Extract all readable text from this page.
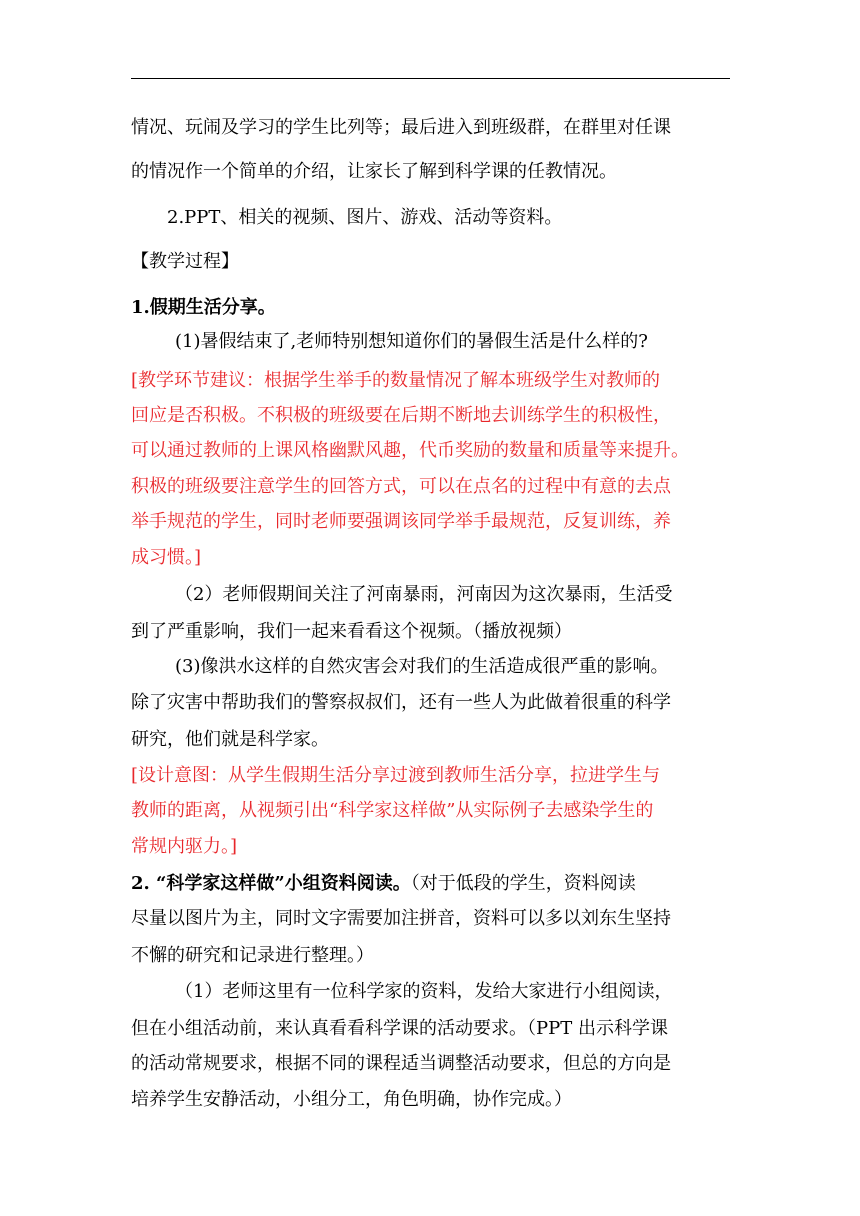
情况、玩闹及学习的学生比列等；最后进入到班级群，在群里对任课
的情况作一个简单的介绍，让家长了解到科学课的任教情况。
2.PPT、相关的视频、图片、游戏、活动等资料。
【教学过程】
1.假期生活分享。
(1)暑假结束了,老师特别想知道你们的暑假生活是什么样的?
[教学环节建议：根据学生举手的数量情况了解本班级学生对教师的
回应是否积极。不积极的班级要在后期不断地去训练学生的积极性，
可以通过教师的上课风格幽默风趣，代币奖励的数量和质量等来提升。
积极的班级要注意学生的回答方式，可以在点名的过程中有意的去点
举手规范的学生，同时老师要强调该同学举手最规范，反复训练，养
成习惯。]
（2）老师假期间关注了河南暴雨，河南因为这次暴雨，生活受
到了严重影响，我们一起来看看这个视频。（播放视频）
(3)像洪水这样的自然灾害会对我们的生活造成很严重的影响。
除了灾害中帮助我们的警察叔叔们，还有一些人为此做着很重的科学
研究，他们就是科学家。
[设计意图：从学生假期生活分享过渡到教师生活分享，拉进学生与
教师的距离，从视频引出“科学家这样做”从实际例子去感染学生的
常规内驱力。]
2. “科学家这样做”小组资料阅读。（对于低段的学生，资料阅读
尽量以图片为主，同时文字需要加注拼音，资料可以多以刘东生坚持
不懈的研究和记录进行整理。）
（1）老师这里有一位科学家的资料，发给大家进行小组阅读，
但在小组活动前，来认真看看科学课的活动要求。（PPT 出示科学课
的活动常规要求，根据不同的课程适当调整活动要求，但总的方向是
培养学生安静活动，小组分工，角色明确，协作完成。）
